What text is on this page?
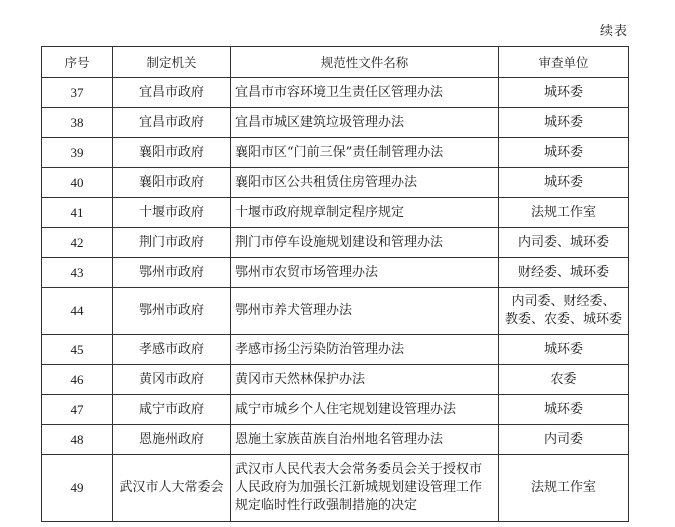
续表
序号	制定机关	规范性文件名称	审查单位

37	宜昌市政府	宜昌市市容环境卫生责任区管理办法	城环委

38	宜昌市政府	宜昌市城区建筑垃圾管理办法	城环委

39	襄阳市政府	襄阳市区“门前三保”责任制管理办法	城环委

40	襄阳市政府	襄阳市区公共租赁住房管理办法	城环委

41	十堰市政府	十堰市政府规章制定程序规定	法规工作室

42	荆门市政府	荆门市停车设施规划建设和管理办法	内司委、城环委

43	鄂州市政府	鄂州市农贸市场管理办法	财经委、城环委

44	鄂州市政府	鄂州市养犬管理办法	内司委、财经委、
教委、农委、城环委

45	孝感市政府	孝感市扬尘污染防治管理办法	城环委

46	黄冈市政府	黄冈市天然林保护办法	农委

47	咸宁市政府	咸宁市城乡个人住宅规划建设管理办法	城环委

48	恩施州政府	恩施土家族苗族自治州地名管理办法	内司委

49	武汉市人大常委会	武汉市人民代表大会常务委员会关于授权市
人民政府为加强长江新城规划建设管理工作
规定临时性行政强制措施的决定	法规工作室
